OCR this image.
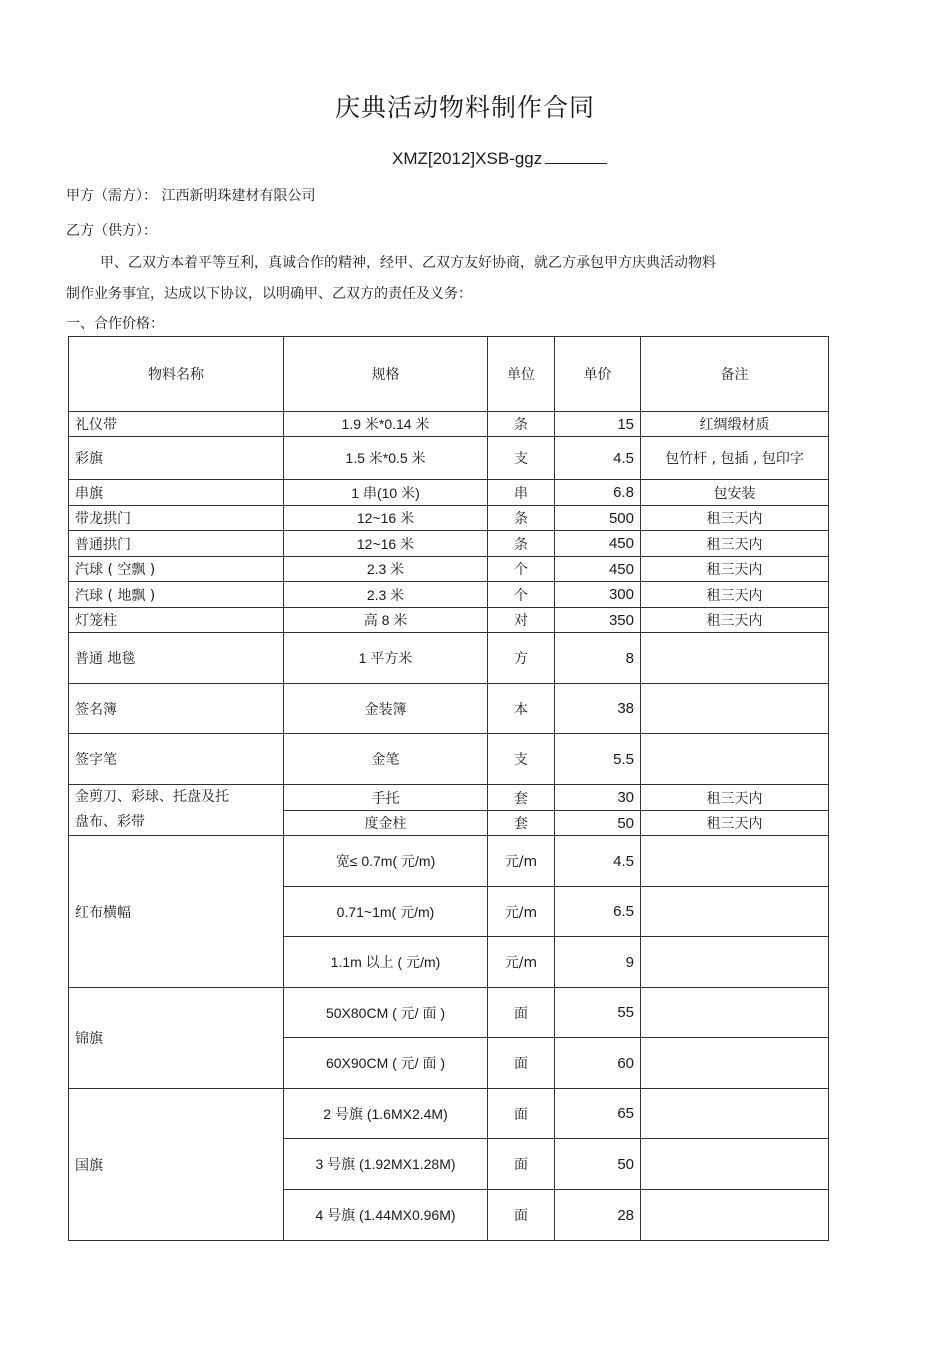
庆典活动物料制作合同
XMZ[2012]XSB-ggz
甲方（需方）： 江西新明珠建材有限公司
乙方（供方）：
甲、乙双方本着平等互利，真诚合作的精神，经甲、乙双方友好协商，就乙方承包甲方庆典活动物料
制作业务事宜，达成以下协议，以明确甲、乙双方的责任及义务：
一、合作价格：
物料名称	规格	单位	单价	备注
礼仪带	1.9 米*0.14 米	条	15	红绸缎材质
彩旗	1.5 米*0.5 米	支	4.5	包竹杆 , 包插 , 包印字
串旗	1 串(10 米)	串	6.8	包安装
带龙拱门	12~16 米	条	500	租三天内
普通拱门	12~16 米	条	450	租三天内
汽球 ( 空飘 )	2.3 米	个	450	租三天内
汽球 ( 地飘 )	2.3 米	个	300	租三天内
灯笼柱	高 8 米	对	350	租三天内
普通 地毯	1 平方米	方	8	
签名簿	金装簿	本	38	
签字笔	金笔	支	5.5	

金剪刀、彩球、托盘及托
盘布、彩带	手托	套	30	租三天内
	度金柱	套	50	租三天内
红布横幅	宽≤ 0.7m( 元/m)	元/m	4.5	
	0.71~1m( 元/m)	元/m	6.5	
	1.1m 以上 ( 元/m)	元/m	9	
锦旗	50X80CM ( 元/ 面 )	面	55	
	60X90CM ( 元/ 面 )	面	60	
国旗	2 号旗 (1.6MX2.4M)	面	65	
	3 号旗 (1.92MX1.28M)	面	50	
	4 号旗 (1.44MX0.96M)	面	28	
